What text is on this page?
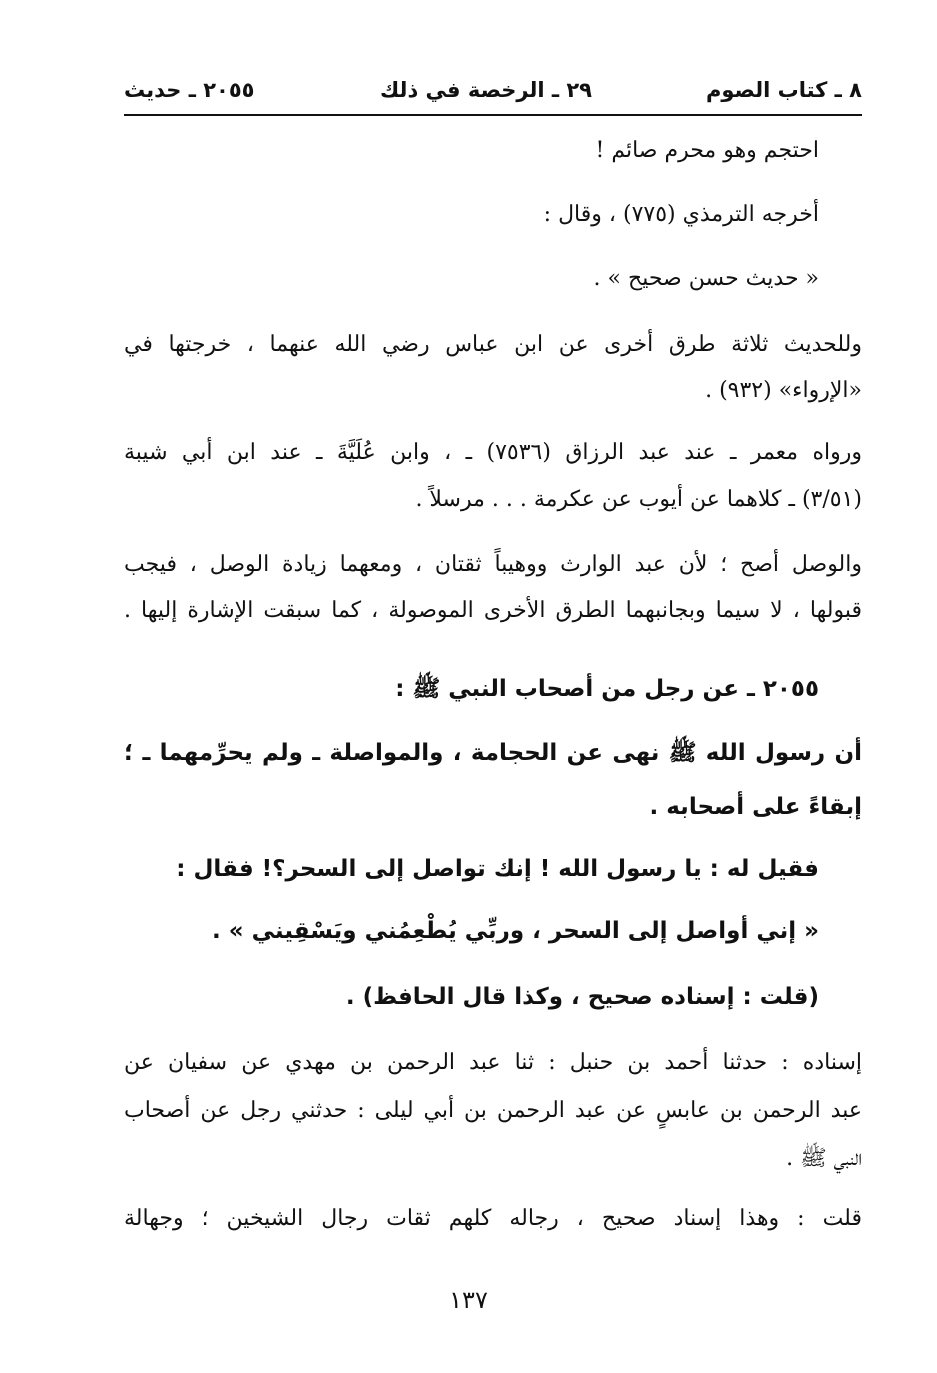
٨ ـ كتاب الصوم
٢٩ ـ الرخصة في ذلك
٢٠٥٥ ـ حديث
احتجم وهو محرم صائم !
أخرجه الترمذي (٧٧٥) ، وقال :
« حديث حسن صحيح » .
وللحديث ثلاثة طرق أخرى عن ابن عباس رضي الله عنهما ، خرجتها في
«الإرواء» (٩٣٢) .
ورواه معمر ـ عند عبد الرزاق (٧٥٣٦) ـ ، وابن عُلَيَّةَ ـ عند ابن أبي شيبة
(٣/٥١) ـ كلاهما عن أيوب عن عكرمة . . . مرسلاً .
والوصل أصح ؛ لأن عبد الوارث ووهيباً ثقتان ، ومعهما زيادة الوصل ، فيجب
قبولها ، لا سيما وبجانبهما الطرق الأخرى الموصولة ، كما سبقت الإشارة إليها .
٢٠٥٥ ـ عن رجل من أصحاب النبي ﷺ :
أن رسول الله ﷺ نهى عن الحجامة ، والمواصلة ـ ولم يحرِّمهما ـ ؛
إبقاءً على أصحابه .
فقيل له : يا رسول الله ! إنك تواصل إلى السحر؟! فقال :
« إني أواصل إلى السحر ، وربِّي يُطْعِمُني ويَسْقِيني » .
(قلت : إسناده صحيح ، وكذا قال الحافظ) .
إسناده : حدثنا أحمد بن حنبل : ثنا عبد الرحمن بن مهدي عن سفيان عن
عبد الرحمن بن عابسٍ عن عبد الرحمن بن أبي ليلى : حدثني رجل عن أصحاب
النبي ﷺ .
قلت : وهذا إسناد صحيح ، رجاله كلهم ثقات رجال الشيخين ؛ وجهالة
١٣٧
